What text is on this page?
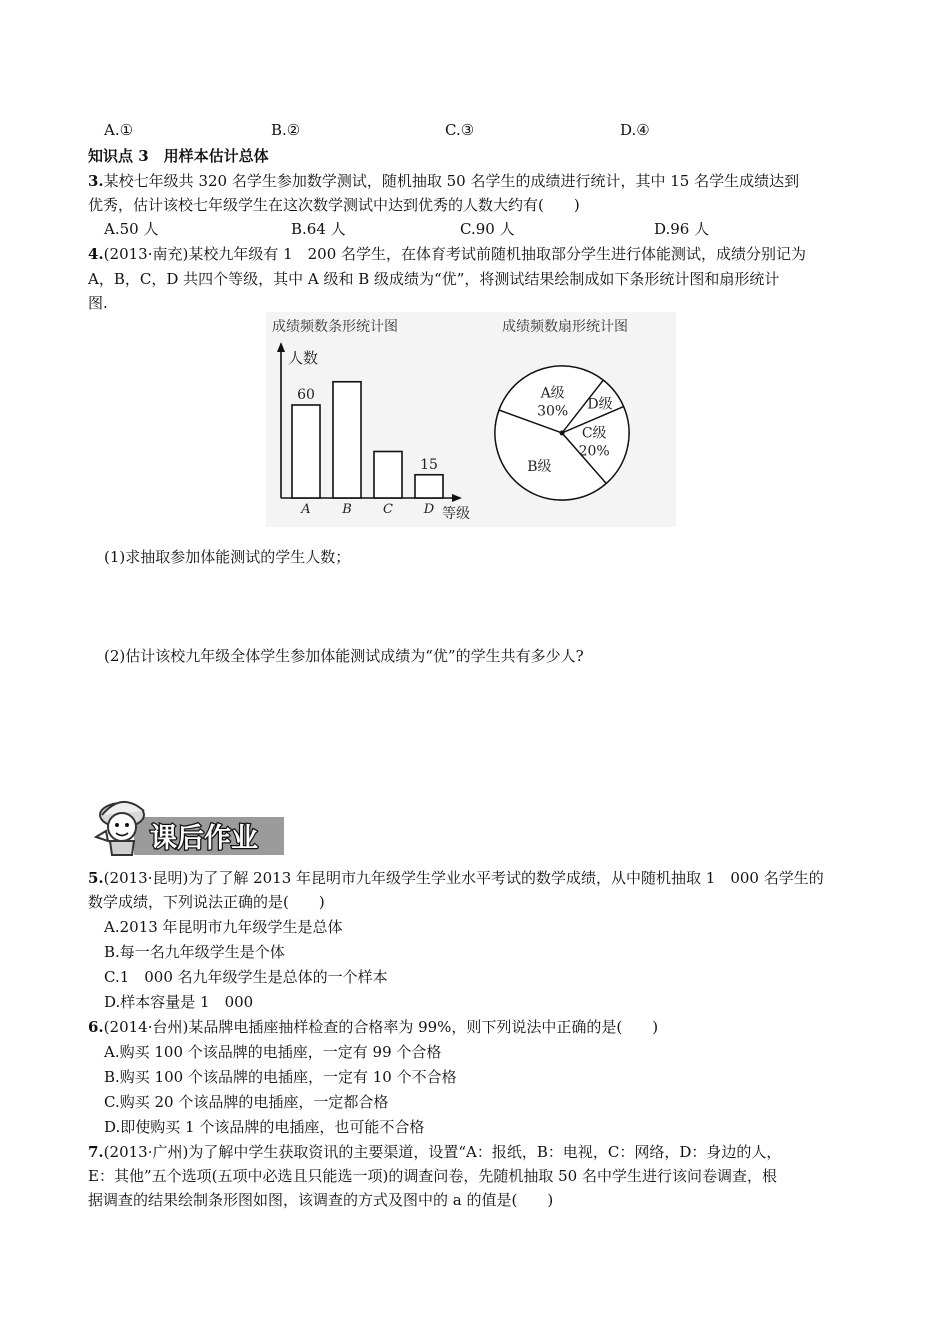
A.①	B.②	C.③	D.④
知识点 3　用样本估计总体
3.某校七年级共 320 名学生参加数学测试，随机抽取 50 名学生的成绩进行统计，其中 15 名学生成绩达到
优秀，估计该校七年级学生在这次数学测试中达到优秀的人数大约有(　　)
A.50 人	B.64 人	C.90 人	D.96 人
4.(2013·南充)某校九年级有 1　200 名学生，在体育考试前随机抽取部分学生进行体能测试，成绩分别记为
A，B，C，D 共四个等级，其中 A 级和 B 级成绩为“优”，将测试结果绘制成如下条形统计图和扇形统计
图.
成绩频数条形统计图
人数
等级
A
60
B C D
15
成绩频数扇形统计图
A级
30% D级
C级
20%
B级
(1)求抽取参加体能测试的学生人数；
(2)估计该校九年级全体学生参加体能测试成绩为“优”的学生共有多少人?
课后作业
5.(2013·昆明)为了了解 2013 年昆明市九年级学生学业水平考试的数学成绩，从中随机抽取 1　000 名学生的
数学成绩，下列说法正确的是(　　)
A.2013 年昆明市九年级学生是总体
B.每一名九年级学生是个体
C.1　000 名九年级学生是总体的一个样本
D.样本容量是 1　000
6.(2014·台州)某品牌电插座抽样检查的合格率为 99%，则下列说法中正确的是(　　)
A.购买 100 个该品牌的电插座，一定有 99 个合格
B.购买 100 个该品牌的电插座，一定有 10 个不合格
C.购买 20 个该品牌的电插座，一定都合格
D.即使购买 1 个该品牌的电插座，也可能不合格
7.(2013·广州)为了解中学生获取资讯的主要渠道，设置“A：报纸，B：电视，C：网络，D：身边的人，
E：其他”五个选项(五项中必选且只能选一项)的调查问卷，先随机抽取 50 名中学生进行该问卷调查，根
据调查的结果绘制条形图如图，该调查的方式及图中的 a 的值是(　　)
